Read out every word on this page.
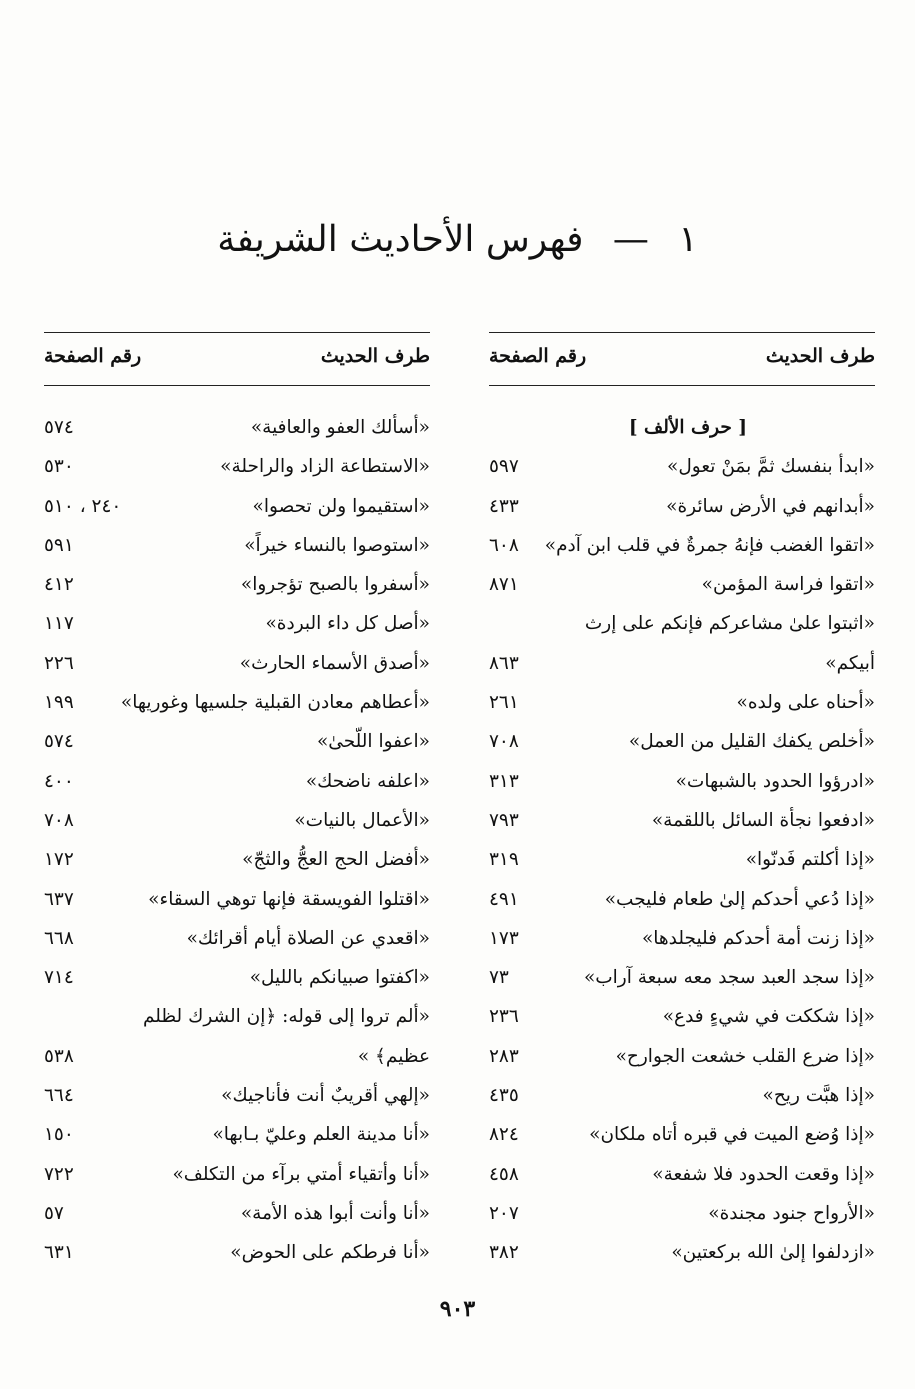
١ — فهرس الأحاديث الشريفة
طرف الحديث
رقم الصفحة
[ حرف الألف ]
«ابدأ بنفسك ثمَّ بمَنْ تعول»
٥٩٧
«أبدانهم في الأرض سائرة»
٤٣٣
«اتقوا الغضب فإنهُ جمرةٌ في قلب ابن آدم»
٦٠٨
«اتقوا فراسة المؤمن»
٨٧١
«اثبتوا علىٰ مشاعركم فإنكم على إرث
أبيكم»
٨٦٣
«أحناه على ولده»
٢٦١
«أخلص يكفك القليل من العمل»
٧٠٨
«ادرؤوا الحدود بالشبهات»
٣١٣
«ادفعوا نجأة السائل باللقمة»
٧٩٣
«إذا أكلتم فَدنّوا»
٣١٩
«إذا دُعي أحدكم إلىٰ طعام فليجب»
٤٩١
«إذا زنت أمة أحدكم فليجلدها»
١٧٣
«إذا سجد العبد سجد معه سبعة آراب»
٧٣
«إذا شككت في شيءٍ فدع»
٢٣٦
«إذا ضرع القلب خشعت الجوارح»
٢٨٣
«إذا هبَّت ريح»
٤٣٥
«إذا وُضع الميت في قبره أتاه ملكان»
٨٢٤
«إذا وقعت الحدود فلا شفعة»
٤٥٨
«الأرواح جنود مجندة»
٢٠٧
«ازدلفوا إلىٰ الله بركعتين»
٣٨٢
طرف الحديث
رقم الصفحة
«أسألك العفو والعافية»
٥٧٤
«الاستطاعة الزاد والراحلة»
٥٣٠
«استقيموا ولن تحصوا»
٢٤٠ ، ٥١٠
«استوصوا بالنساء خيراً»
٥٩١
«أسفروا بالصبح تؤجروا»
٤١٢
«أصل كل داء البردة»
١١٧
«أصدق الأسماء الحارث»
٢٢٦
«أعطاهم معادن القبلية جلسيها وغوريها»
١٩٩
«اعفوا اللّحىٰ»
٥٧٤
«اعلفه ناضحك»
٤٠٠
«الأعمال بالنيات»
٧٠٨
«أفضل الحج العجُّ والثجّ»
١٧٢
«اقتلوا الفويسقة فإنها توهي السقاء»
٦٣٧
«اقعدي عن الصلاة أيام أقرائك»
٦٦٨
«اكفتوا صبيانكم بالليل»
٧١٤
«ألم تروا إلى قوله: ﴿إن الشرك لظلم
عظيم﴾ »
٥٣٨
«إلهي أقريبٌ أنت فأناجيك»
٦٦٤
«أنا مدينة العلم وعليّ بـابها»
١٥٠
«أنا وأتقياء أمتي برآء من التكلف»
٧٢٢
«أنا وأنت أبوا هذه الأمة»
٥٧
«أنا فرطكم على الحوض»
٦٣١
٩٠٣
